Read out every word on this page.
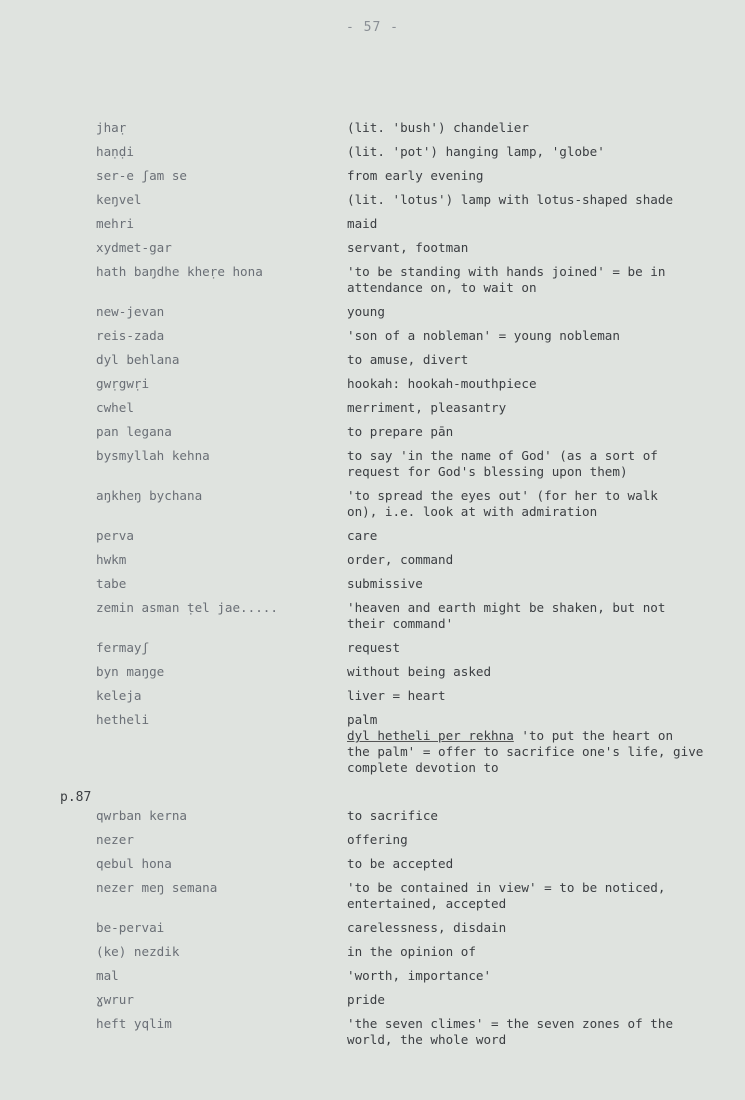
- 57 -
jhaṛ	(lit. 'bush') chandelier
haṇḍi	(lit. 'pot') hanging lamp, 'globe'
ser-e ʃam se	from early evening
keŋvel	(lit. 'lotus') lamp with lotus-shaped shade
mehri	maid
xydmet-gar	servant, footman
hath baŋdhe kheṛe hona	'to be standing with hands joined' = be in
attendance on, to wait on
new-jevan	young
reis-zada	'son of a nobleman' = young nobleman
dyl behlana	to amuse, divert
gwṛgwṛi	hookah: hookah-mouthpiece
cwhel	merriment, pleasantry
pan legana	to prepare pān
bysmyllah kehna	to say 'in the name of God' (as a sort of
request for God's blessing upon them)
aŋkheŋ bychana	'to spread the eyes out' (for her to walk
on), i.e. look at with admiration
perva	care
hwkm	order, command
tabe	submissive
zemin asman ṭel jae.....	'heaven and earth might be shaken, but not
their command'
fermayʃ	request
byn maŋge	without being asked
keleja	liver = heart
hetheli	palm
dyl hetheli per rekhna 'to put the heart on
the palm' = offer to sacrifice one's life, give
complete devotion to
p.87
qwrban kerna	to sacrifice
nezer	offering
qebul hona	to be accepted
nezer meŋ semana	'to be contained in view' = to be noticed,
entertained, accepted
be-pervai	carelessness, disdain
(ke) nezdik	in the opinion of
mal	'worth, importance'
ɣwrur	pride
heft yqlim	'the seven climes' = the seven zones of the
world, the whole word
